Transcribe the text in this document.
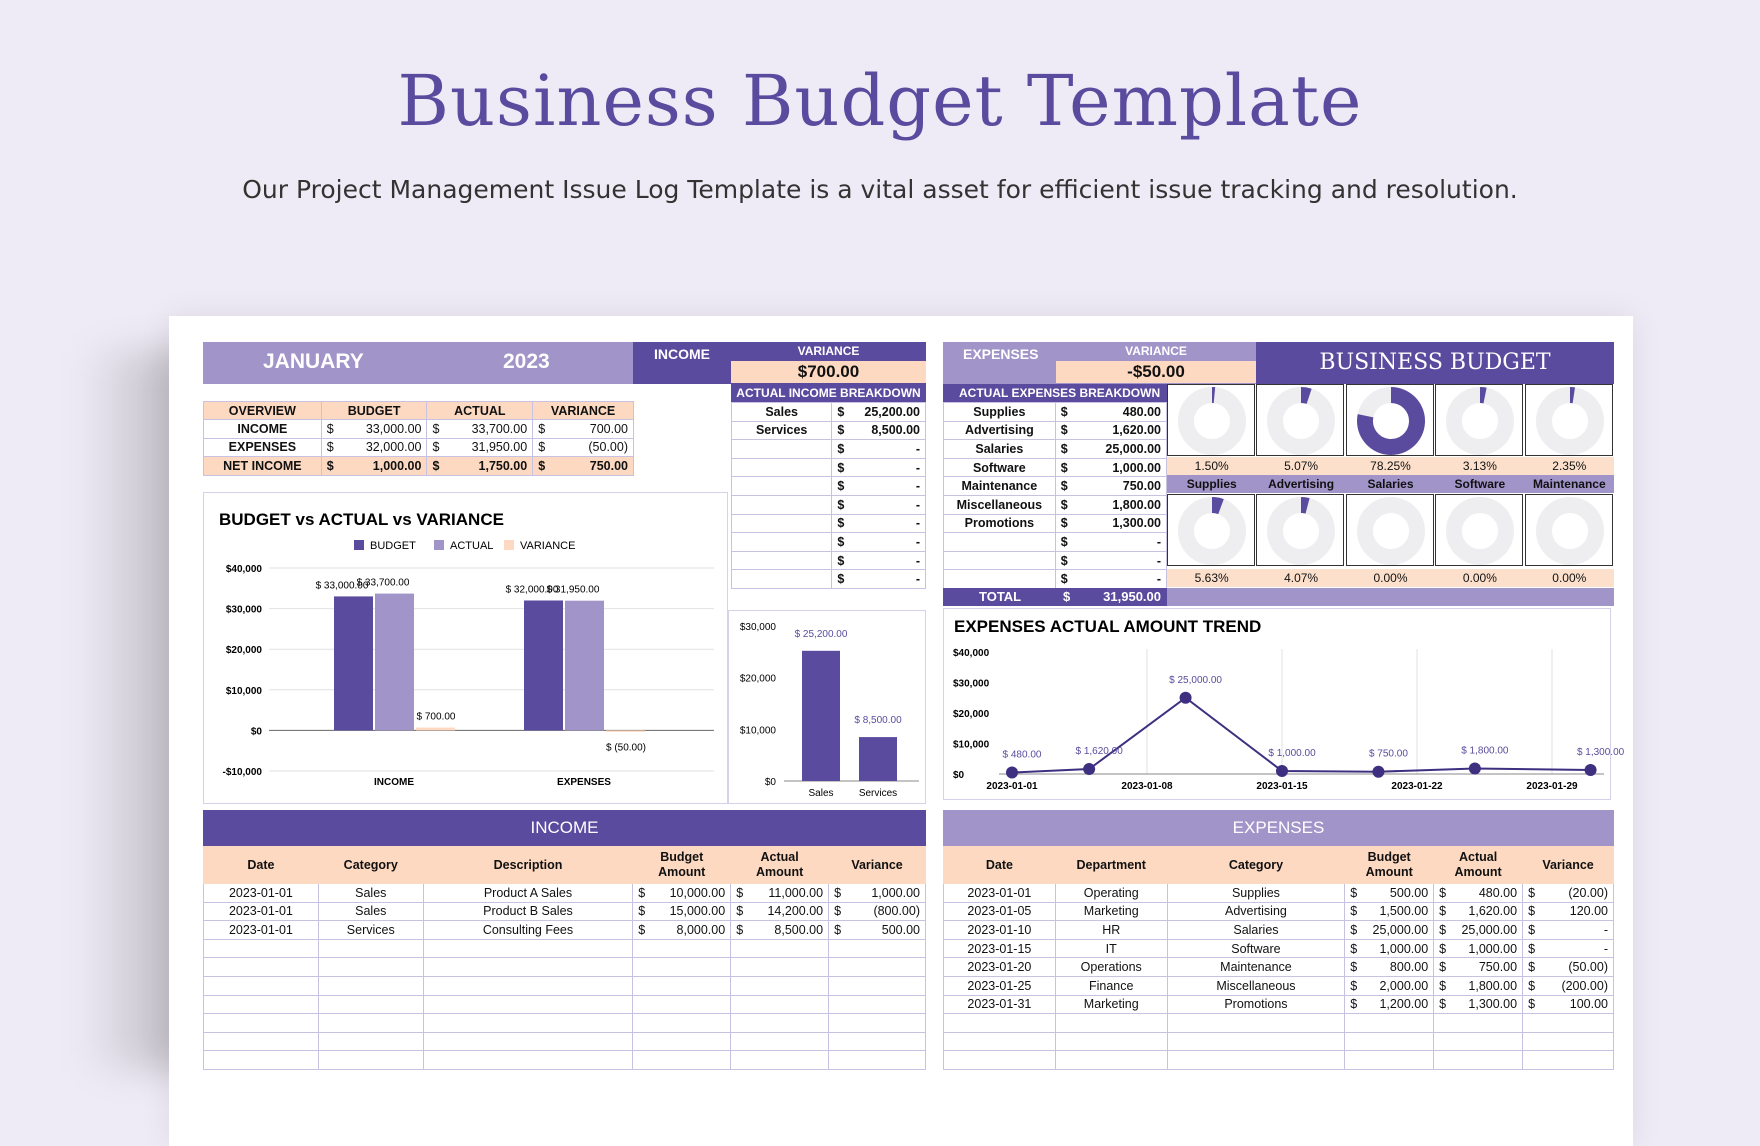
Business Budget Template
Our Project Management Issue Log Template is a vital asset for efficient issue tracking and resolution.
JANUARY	2023	INCOME	VARIANCE
$700.00
EXPENSES	VARIANCE
-$50.00	BUSINESS BUDGET
OVERVIEW	BUDGET	ACTUAL	VARIANCE
INCOME	$ 33,000.00	$ 33,700.00	$ 700.00

EXPENSES	$ 32,000.00	$ 31,950.00	$ (50.00)

NET INCOME	$ 1,000.00	$ 1,750.00	$ 750.00
BUDGET vs ACTUAL vs VARIANCE
BUDGET	ACTUAL VARIANCE
$40,000
$30,000
$20,000
$10,000
$0
-$10,000
$ 33,000.00
$ 33,700.00
$ 700.00
INCOME
$ 32,000.00
$ 31,950.00
$ (50.00)
EXPENSES
ACTUAL INCOME BREAKDOWN
Sales	$ 25,200.00

Services	$ 8,500.00

	$ -

	$ -

	$ -

	$ -

	$ -

	$ -

	$ -

	$ -
$30,000
$20,000
$10,000
$0
$ 25,200.00
Sales
$ 8,500.00
Services
ACTUAL EXPENSES BREAKDOWN
Supplies	$ 480.00

Advertising	$ 1,620.00

Salaries	$ 25,000.00

Software	$ 1,000.00

Maintenance	$ 750.00

Miscellaneous	$ 1,800.00

Promotions	$ 1,300.00

	$ -

	$ -

	$ -
TOTAL	$	31,950.00
1.50%
Supplies
5.07%
Advertising
78.25%
Salaries
3.13%
Software
2.35%
Maintenance
5.63%	4.07%	0.00%	0.00%	0.00%
EXPENSES ACTUAL AMOUNT TREND
$40,000
$30,000
$20,000
$10,000
$0
$ 480.00	$ 1,620.00
$ 25,000.00
$ 1,000.00	$ 750.00	$ 1,800.00	$ 1,300.00
2023-01-01	2023-01-08	2023-01-15	2023-01-22	2023-01-29
INCOME
Date	Category	Description	Budget Amount	Actual Amount	Variance
2023-01-01	Sales	Product A Sales	$ 10,000.00	$ 11,000.00	$ 1,000.00

2023-01-01	Sales	Product B Sales	$ 15,000.00	$ 14,200.00	$ (800.00)

2023-01-01	Services	Consulting Fees	$ 8,000.00	$ 8,500.00	$ 500.00

EXPENSES
Date	Department	Category	Budget Amount	Actual Amount	Variance
2023-01-01	Operating	Supplies	$ 500.00	$ 480.00	$ (20.00)

2023-01-05	Marketing	Advertising	$ 1,500.00	$ 1,620.00	$ 120.00

2023-01-10	HR	Salaries	$ 25,000.00	$ 25,000.00	$ -

2023-01-15	IT	Software	$ 1,000.00	$ 1,000.00	$ -

2023-01-20	Operations	Maintenance	$ 800.00	$ 750.00	$ (50.00)

2023-01-25	Finance	Miscellaneous	$ 2,000.00	$ 1,800.00	$ (200.00)

2023-01-31	Marketing	Promotions	$ 1,200.00	$ 1,300.00	$ 100.00
